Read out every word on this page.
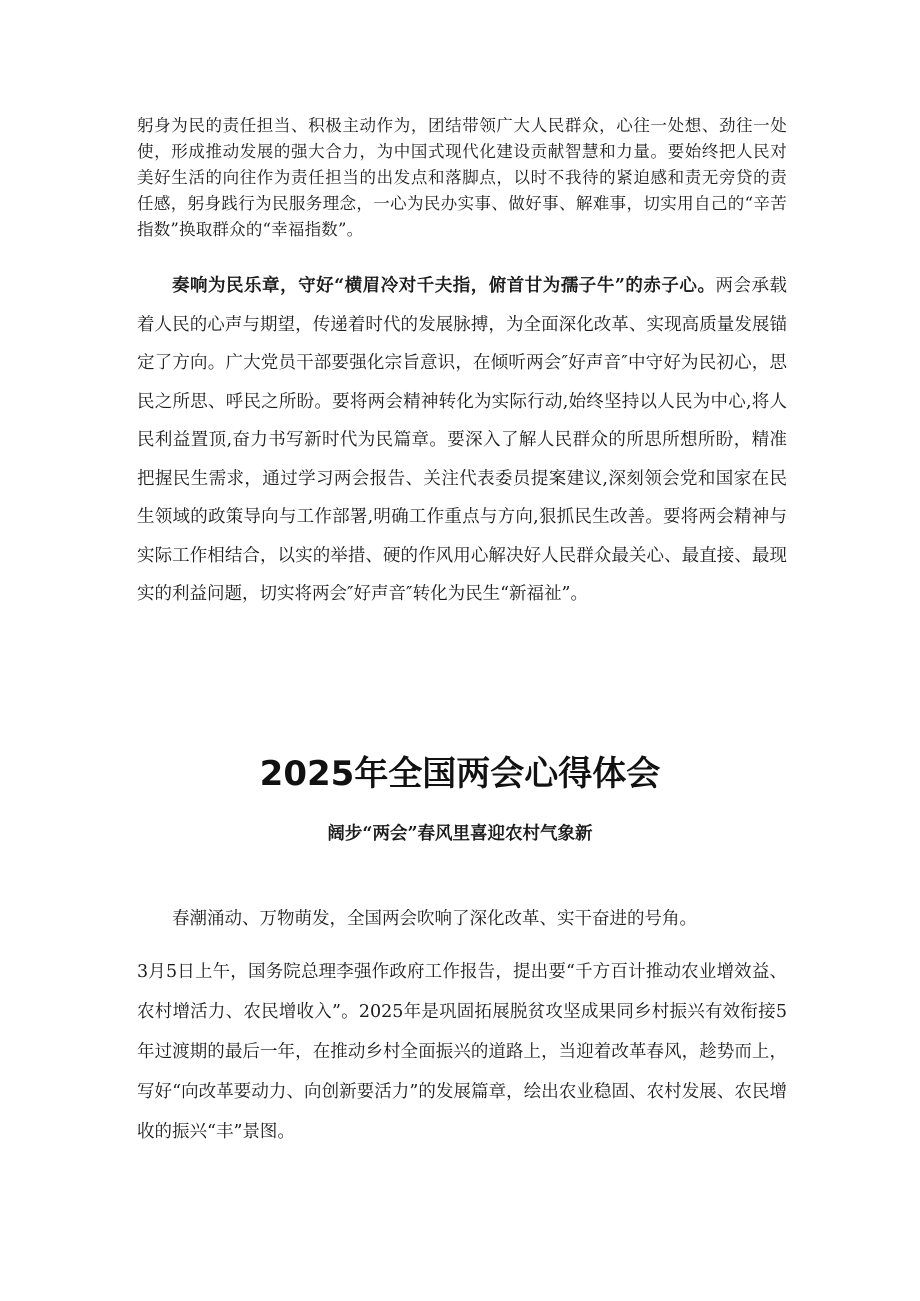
躬身为民的责任担当、积极主动作为，团结带领广大人民群众，心往一处想、劲往一处使，形成推动发展的强大合力，为中国式现代化建设贡献智慧和力量。要始终把人民对美好生活的向往作为责任担当的出发点和落脚点，以时不我待的紧迫感和责无旁贷的责任感，躬身践行为民服务理念，一心为民办实事、做好事、解难事，切实用自己的“辛苦指数”换取群众的“幸福指数”。

奏响为民乐章，守好“横眉冷对千夫指，俯首甘为孺子牛”的赤子心。两会承载着人民的心声与期望，传递着时代的发展脉搏，为全面深化改革、实现高质量发展锚定了方向。广大党员干部要强化宗旨意识，在倾听两会″好声音″中守好为民初心，思民之所思、呼民之所盼。要将两会精神转化为实际行动,始终坚持以人民为中心,将人民利益置顶,奋力书写新时代为民篇章。要深入了解人民群众的所思所想所盼，精准把握民生需求，通过学习两会报告、关注代表委员提案建议,深刻领会党和国家在民生领域的政策导向与工作部署,明确工作重点与方向,狠抓民生改善。要将两会精神与实际工作相结合，以实的举措、硬的作风用心解决好人民群众最关心、最直接、最现实的利益问题，切实将两会″好声音″转化为民生“新福祉”。

2025年全国两会心得体会
阔步“两会”春风里喜迎农村气象新

春潮涌动、万物萌发，全国两会吹响了深化改革、实干奋进的号角。

3月5日上午，国务院总理李强作政府工作报告，提出要“千方百计推动农业增效益、农村增活力、农民增收入”。2025年是巩固拓展脱贫攻坚成果同乡村振兴有效衔接5年过渡期的最后一年，在推动乡村全面振兴的道路上，当迎着改革春风，趁势而上，写好“向改革要动力、向创新要活力”的发展篇章，绘出农业稳固、农村发展、农民增收的振兴“丰”景图。
